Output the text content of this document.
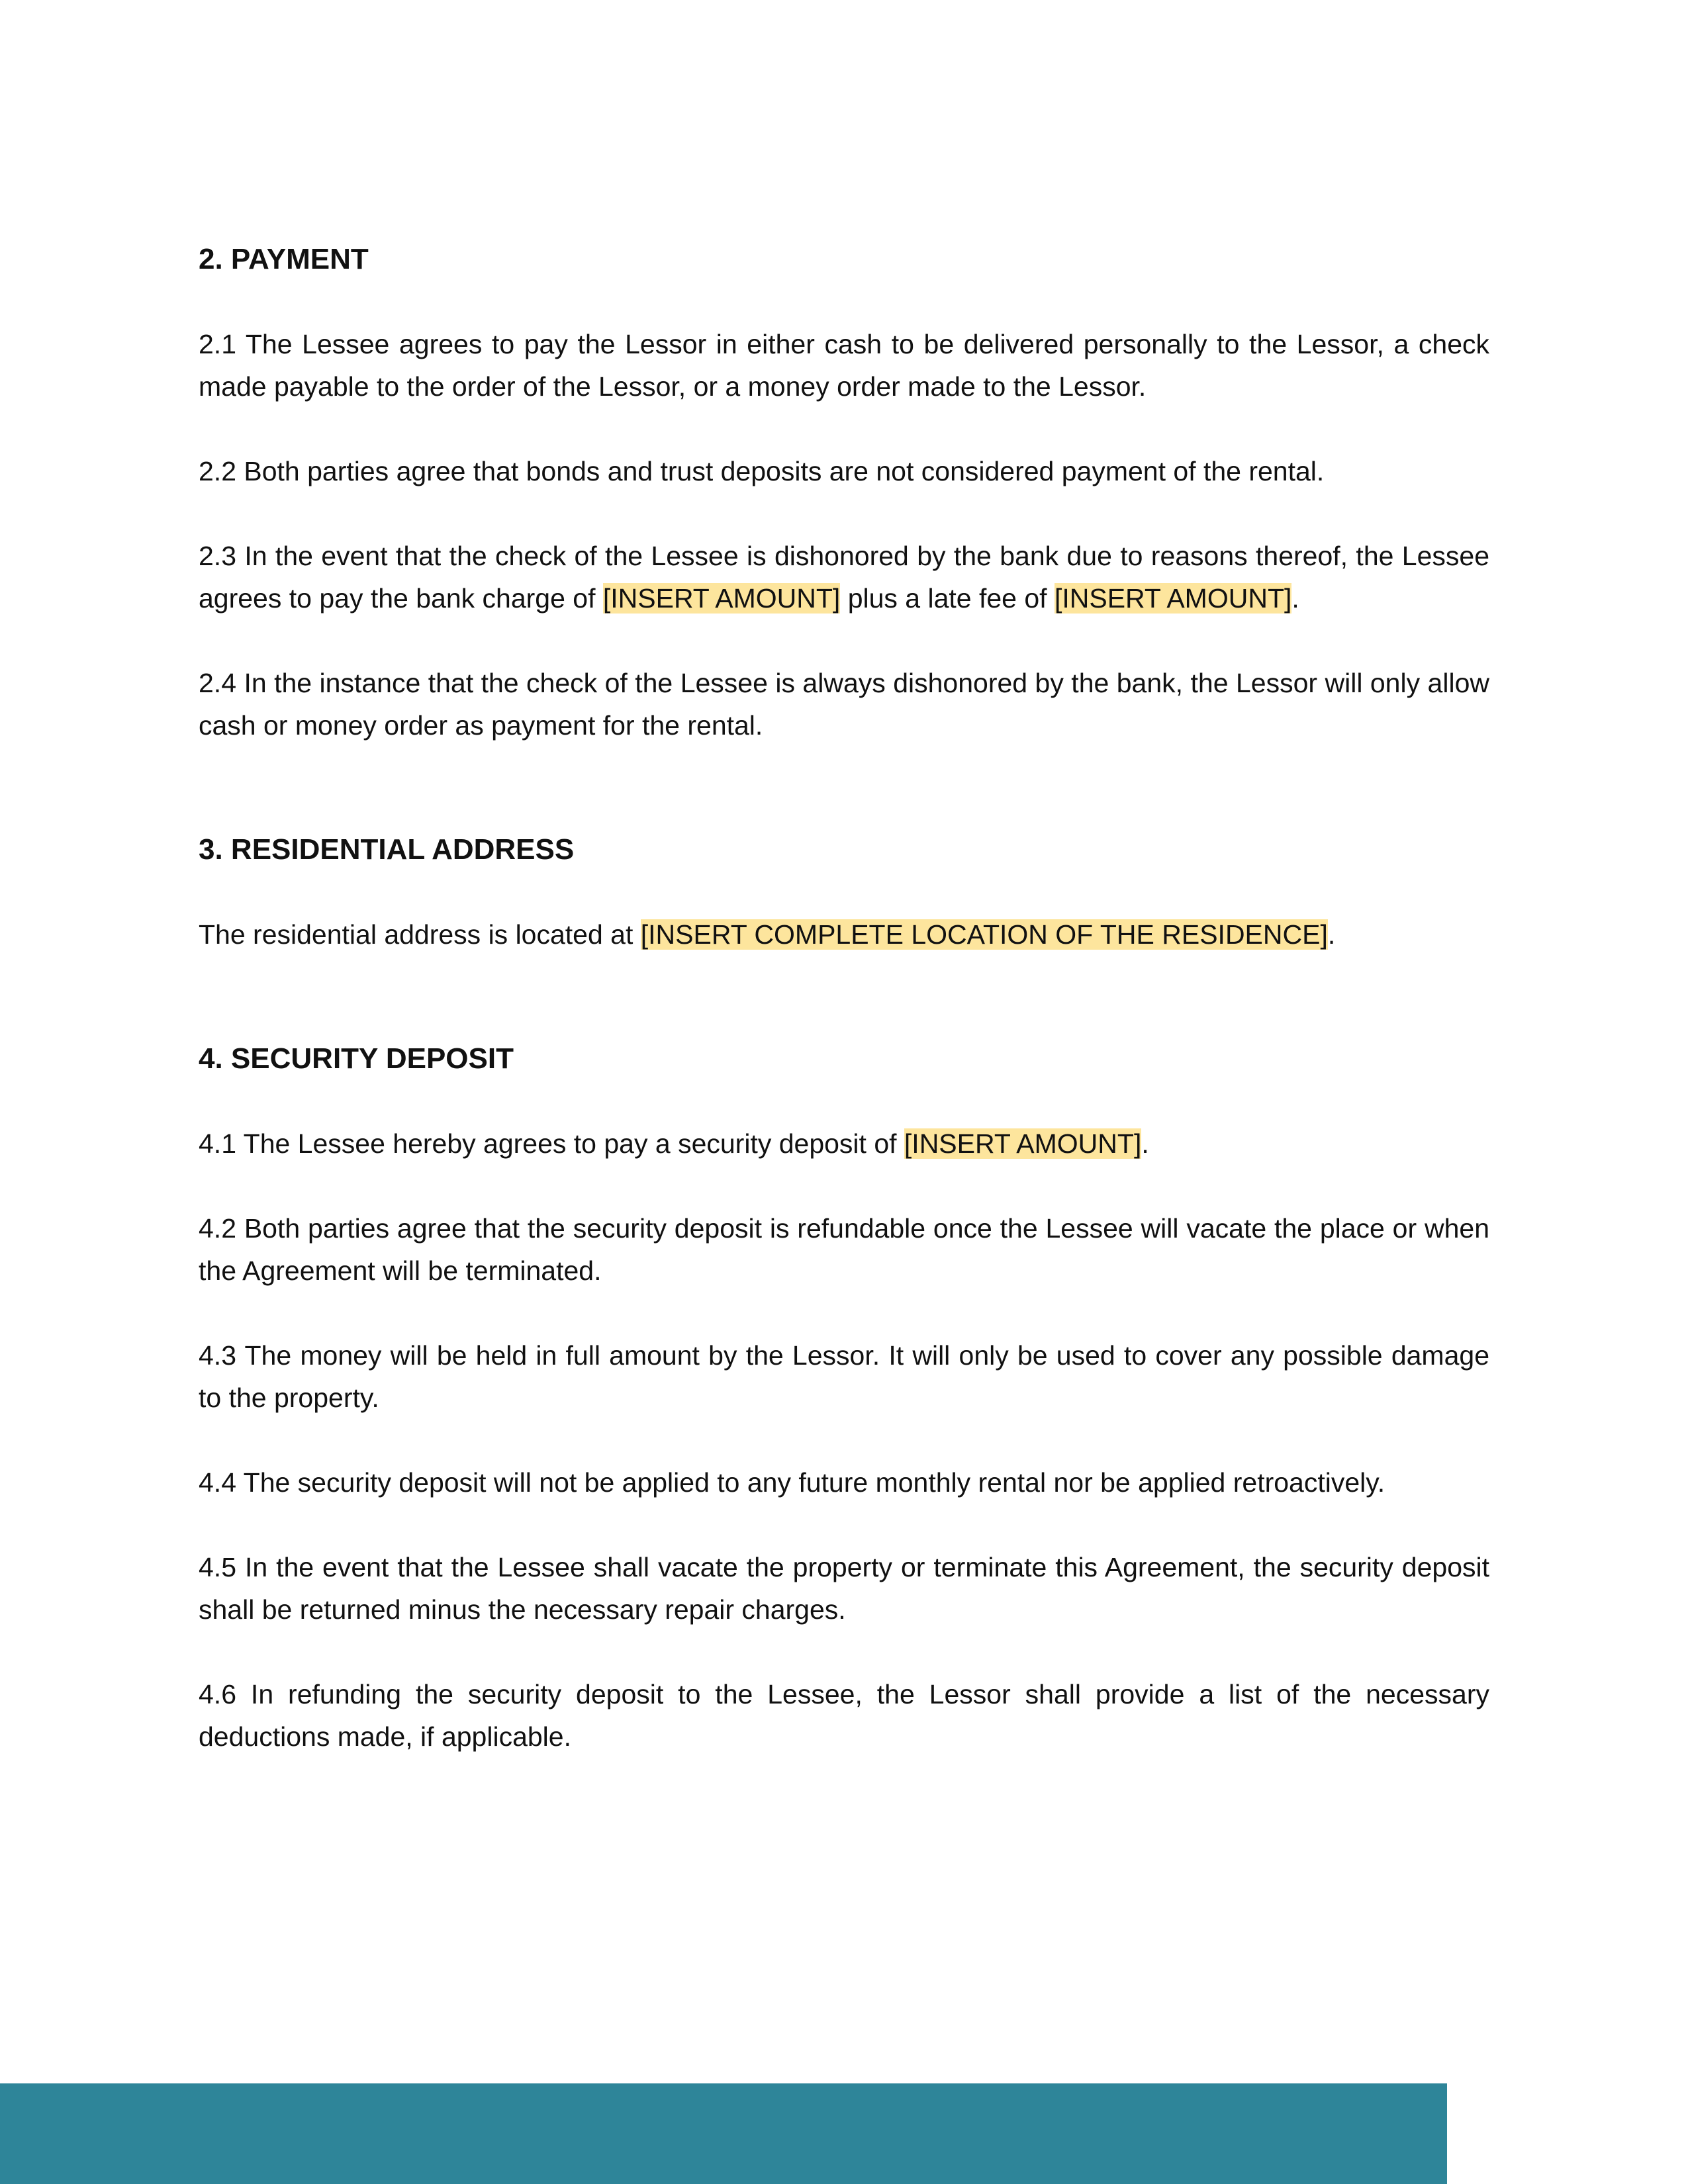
2. PAYMENT

2.1 The Lessee agrees to pay the Lessor in either cash to be delivered personally to the Lessor, a check made payable to the order of the Lessor, or a money order made to the Lessor.

2.2 Both parties agree that bonds and trust deposits are not considered payment of the rental.

2.3 In the event that the check of the Lessee is dishonored by the bank due to reasons thereof, the Lessee agrees to pay the bank charge of [INSERT AMOUNT] plus a late fee of [INSERT AMOUNT].

2.4 In the instance that the check of the Lessee is always dishonored by the bank, the Lessor will only allow cash or money order as payment for the rental.

3. RESIDENTIAL ADDRESS

The residential address is located at [INSERT COMPLETE LOCATION OF THE RESIDENCE].

4. SECURITY DEPOSIT

4.1 The Lessee hereby agrees to pay a security deposit of [INSERT AMOUNT].

4.2 Both parties agree that the security deposit is refundable once the Lessee will vacate the place or when the Agreement will be terminated.

4.3 The money will be held in full amount by the Lessor. It will only be used to cover any possible damage to the property.

4.4 The security deposit will not be applied to any future monthly rental nor be applied retroactively.

4.5 In the event that the Lessee shall vacate the property or terminate this Agreement, the security deposit shall be returned minus the necessary repair charges.

4.6 In refunding the security deposit to the Lessee, the Lessor shall provide a list of the necessary deductions made, if applicable.
